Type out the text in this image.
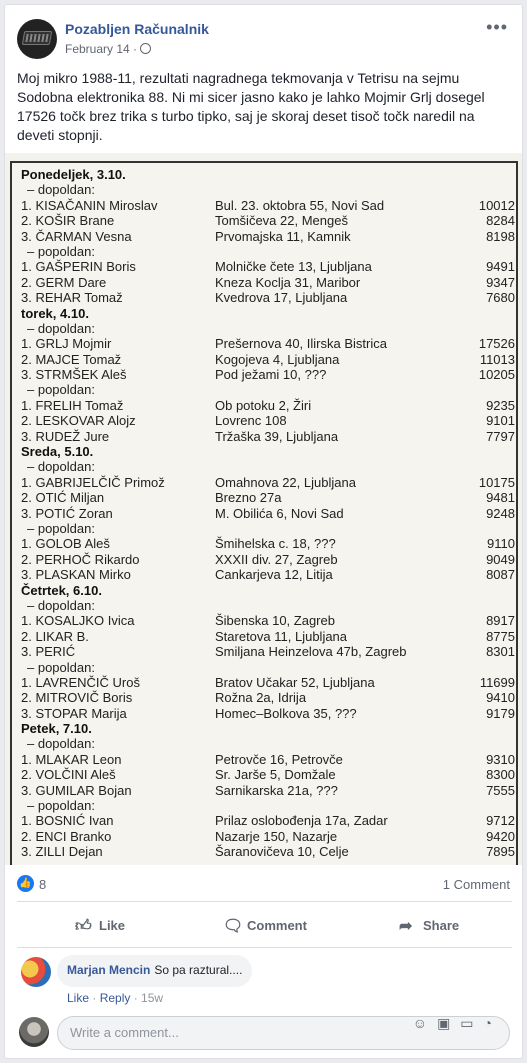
Pozabljen Računalnik
February 14 ·
•••
Moj mikro 1988-11, rezultati nagradnega tekmovanja v Tetrisu na sejmu Sodobna elektronika 88. Ni mi sicer jasno kako je lahko Mojmir Grlj dosegel 17526 točk brez trika s turbo tipko, saj je skoraj deset tisoč točk naredil na deveti stopnji.
Ponedeljek, 3.10.
– dopoldan:
1. KISAČANIN Miroslav	Bul. 23. oktobra 55, Novi Sad	10012
2. KOŠIR Brane	Tomšičeva 22, Mengeš	8284
3. ČARMAN Vesna	Prvomajska 11, Kamnik	8198
– popoldan:
1. GAŠPERIN Boris	Molničke čete 13, Ljubljana	9491
2. GERM Dare	Kneza Koclja 31, Maribor	9347
3. REHAR Tomaž	Kvedrova 17, Ljubljana	7680
torek, 4.10.
– dopoldan:
1. GRLJ Mojmir	Prešernova 40, Ilirska Bistrica	17526
2. MAJCE Tomaž	Kogojeva 4, Ljubljana	11013
3. STRMŠEK Aleš	Pod ježami 10, ???	10205
– popoldan:
1. FRELIH Tomaž	Ob potoku 2, Žiri	9235
2. LESKOVAR Alojz	Lovrenc 108	9101
3. RUDEŽ Jure	Tržaška 39, Ljubljana	7797
Sreda, 5.10.
– dopoldan:
1. GABRIJELČIČ Primož	Omahnova 22, Ljubljana	10175
2. OTIĆ Miljan	Brezno 27a	9481
3. POTIĆ Zoran	M. Obilića 6, Novi Sad	9248
– popoldan:
1. GOLOB Aleš	Šmihelska c. 18, ???	9110
2. PERHOČ Rikardo	XXXII div. 27, Zagreb	9049
3. PLASKAN Mirko	Cankarjeva 12, Litija	8087
Četrtek, 6.10.
– dopoldan:
1. KOSALJKO Ivica	Šibenska 10, Zagreb	8917
2. LIKAR B.	Staretova 11, Ljubljana	8775
3. PERIĆ	Smiljana Heinzelova 47b, Zagreb	8301
– popoldan:
1. LAVRENČIČ Uroš	Bratov Učakar 52, Ljubljana	11699
2. MITROVIČ Boris	Rožna 2a, Idrija	9410
3. STOPAR Marija	Homec–Bolkova 35, ???	9179
Petek, 7.10.
– dopoldan:
1. MLAKAR Leon	Petrovče 16, Petrovče	9310
2. VOLČINI Aleš	Sr. Jarše 5, Domžale	8300
3. GUMILAR Bojan	Sarnikarska 21a, ???	7555
– popoldan:
1. BOSNIĆ Ivan	Prilaz oslobođenja 17a, Zadar	9712
2. ENCI Branko	Nazarje 150, Nazarje	9420
3. ZILLI Dejan	Šaranovičeva 10, Celje	7895
👍 8	1 Comment
👍︎ Like	🗨︎ Comment	➦ Share
Marjan Mencin So pa raztural....
Like · Reply · 15w
Write a comment...
☺▣▭◔
